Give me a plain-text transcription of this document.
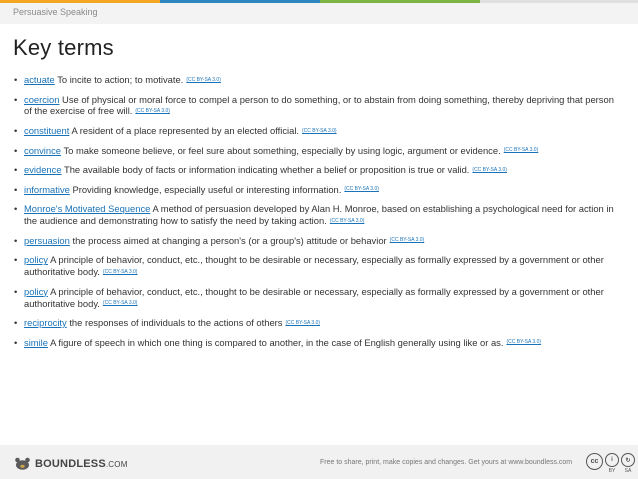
Persuasive Speaking
Key terms
• actuate To incite to action; to motivate. (CC BY-SA 3.0)
• coercion Use of physical or moral force to compel a person to do something, or to abstain from doing something, thereby depriving that person of the exercise of free will. (CC BY-SA 3.0)
• constituent A resident of a place represented by an elected official. (CC BY-SA 3.0)
• convince To make someone believe, or feel sure about something, especially by using logic, argument or evidence. (CC BY-SA 3.0)
• evidence The available body of facts or information indicating whether a belief or proposition is true or valid. (CC BY-SA 3.0)
• informative Providing knowledge, especially useful or interesting information. (CC BY-SA 3.0)
• Monroe's Motivated Sequence A method of persuasion developed by Alan H. Monroe, based on establishing a psychological need for action in the audience and demonstrating how to satisfy the need by taking action. (CC BY-SA 3.0)
• persuasion the process aimed at changing a person's (or a group's) attitude or behavior (CC BY-SA 3.0)
• policy A principle of behavior, conduct, etc., thought to be desirable or necessary, especially as formally expressed by a government or other authoritative body. (CC BY-SA 3.0)
• policy A principle of behavior, conduct, etc., thought to be desirable or necessary, especially as formally expressed by a government or other authoritative body. (CC BY-SA 3.0)
• reciprocity the responses of individuals to the actions of others (CC BY-SA 3.0)
• simile A figure of speech in which one thing is compared to another, in the case of English generally using like or as. (CC BY-SA 3.0)
BOUNDLESS.COM	Free to share, print, make copies and changes. Get yours at www.boundless.com	cc	i
BY
↻
SA
